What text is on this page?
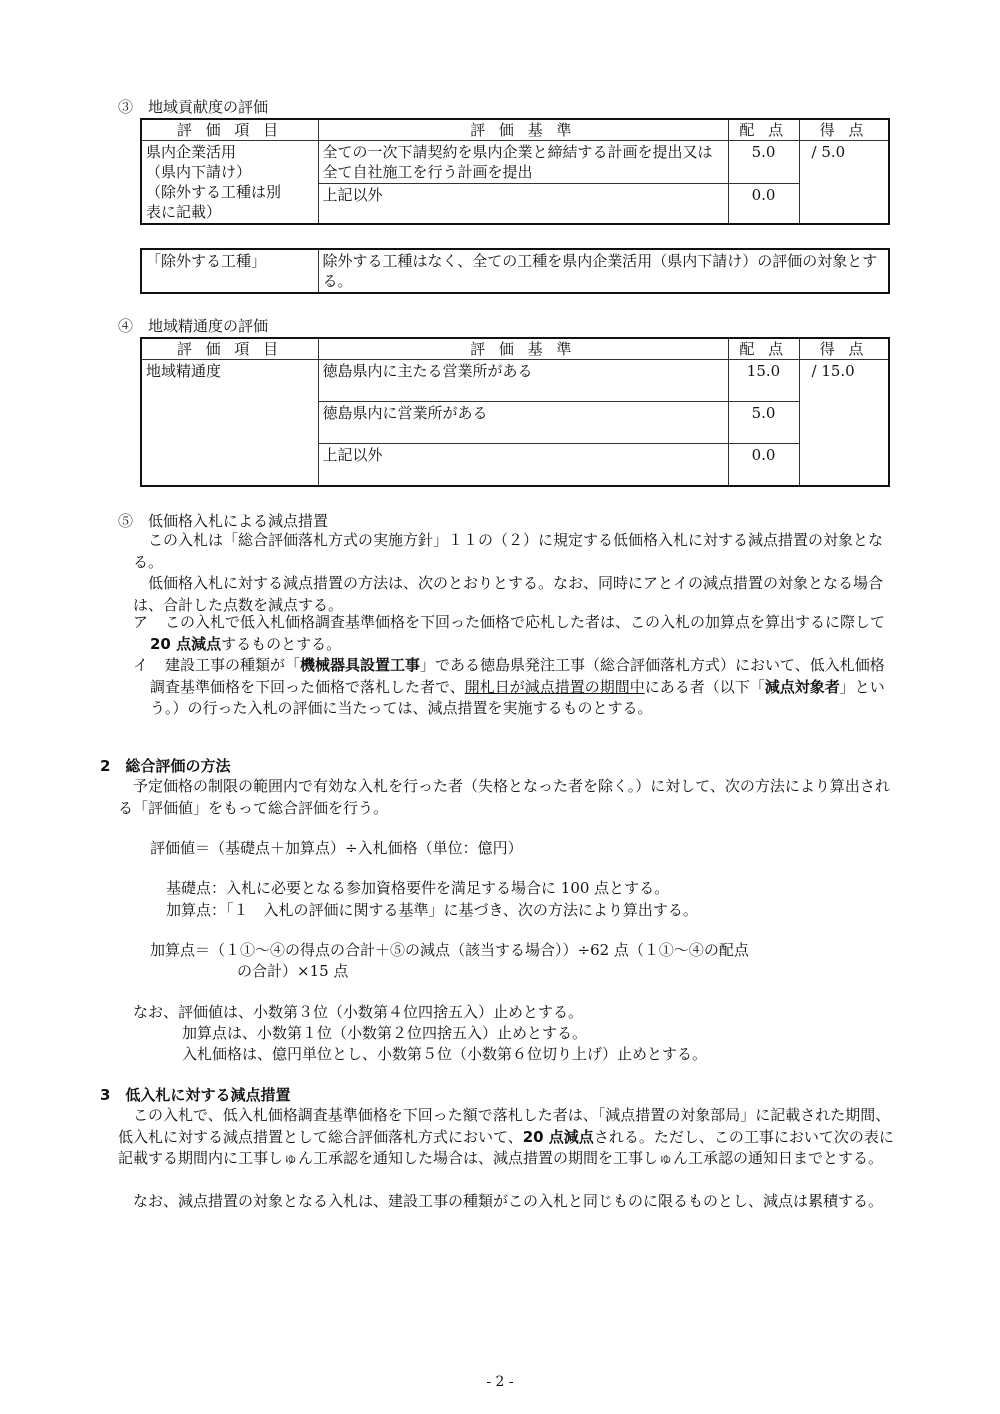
③　地域貢献度の評価
評 価 項 目	評 価 基 準	配 点	得 点

県内企業活用
（県内下請け）
（除外する工種は別
表に記載）	全ての一次下請契約を県内企業と締結する計画を提出又は全て自社施工を行う計画を提出	5.0	/ 5.0
	上記以外	0.0	
「除外する工種」	除外する工種はなく、全ての工種を県内企業活用（県内下請け）の評価の対象とする。
④　地域精通度の評価
評 価 項 目	評 価 基 準	配 点	得 点
地域精通度	徳島県内に主たる営業所がある	15.0	/ 15.0
	徳島県内に営業所がある	5.0	
	上記以外	0.0	
⑤　低価格入札による減点措置
この入札は「総合評価落札方式の実施方針」１１の（２）に規定する低価格入札に対する減点措置の対象となる。
低価格入札に対する減点措置の方法は、次のとおりとする。なお、同時にアとイの減点措置の対象となる場合は、合計した点数を減点する。
ア	この入札で低入札価格調査基準価格を下回った価格で応札した者は、この入札の加算点を算出するに際して20 点減点するものとする。
イ	建設工事の種類が「機械器具設置工事」である徳島県発注工事（総合評価落札方式）において、低入札価格調査基準価格を下回った価格で落札した者で、開札日が減点措置の期間中にある者（以下「減点対象者」という。）の行った入札の評価に当たっては、減点措置を実施するものとする。
2　総合評価の方法
予定価格の制限の範囲内で有効な入札を行った者（失格となった者を除く。）に対して、次の方法により算出される「評価値」をもって総合評価を行う。
評価値＝（基礎点＋加算点）÷入札価格（単位：億円）
基礎点：入札に必要となる参加資格要件を満足する場合に 100 点とする。
加算点：「１　入札の評価に関する基準」に基づき、次の方法により算出する。
加算点＝（１①～④の得点の合計＋⑤の減点（該当する場合））÷62 点（１①～④の配点
の合計）×15 点
なお、評価値は、小数第３位（小数第４位四捨五入）止めとする。
加算点は、小数第１位（小数第２位四捨五入）止めとする。
入札価格は、億円単位とし、小数第５位（小数第６位切り上げ）止めとする。
3　低入札に対する減点措置
この入札で、低入札価格調査基準価格を下回った額で落札した者は、「減点措置の対象部局」に記載された期間、低入札に対する減点措置として総合評価落札方式において、20 点減点される。ただし、この工事において次の表に記載する期間内に工事しゅん工承認を通知した場合は、減点措置の期間を工事しゅん工承認の通知日までとする。
なお、減点措置の対象となる入札は、建設工事の種類がこの入札と同じものに限るものとし、減点は累積する。
- 2 -
